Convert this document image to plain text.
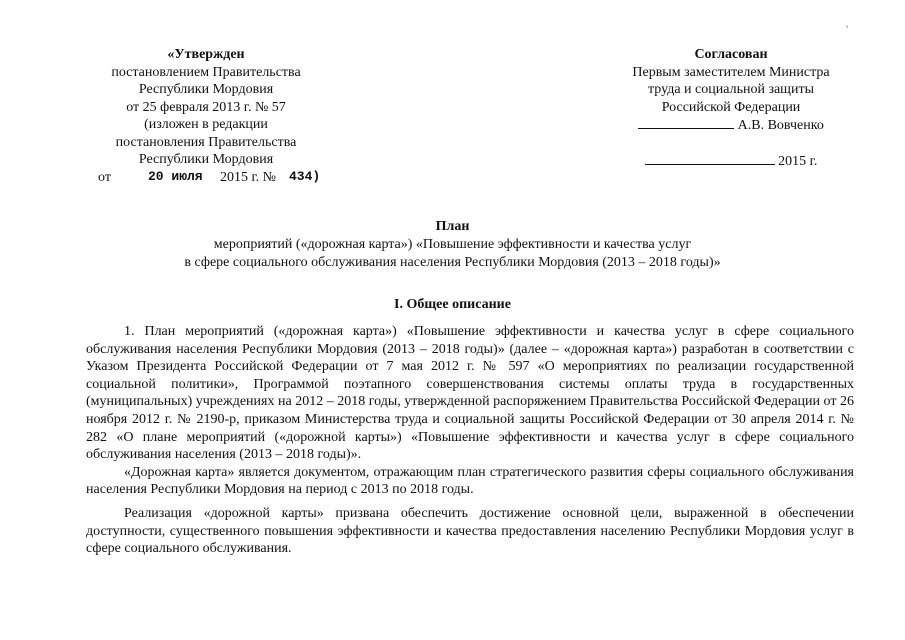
'
«Утвержден
постановлением Правительства
Республики Мордовия
от 25 февраля 2013 г. № 57
(изложен в редакции
постановления Правительства
Республики Мордовия
от	20 июля 2015 г. № 434)
Согласован
Первым заместителем Министра
труда и социальной защиты
Российской Федерации
А.В. Вовченко
2015 г.
План
мероприятий («дорожная карта») «Повышение эффективности и качества услуг
в сфере социального обслуживания населения Республики Мордовия (2013 – 2018 годы)»
I. Общее описание

1. План мероприятий («дорожная карта») «Повышение эффективности и качества услуг в сфере социального обслуживания населения Республики Мордовия (2013 – 2018 годы)» (далее – «дорожная карта») разработан в соответствии с Указом Президента Российской Федерации от 7 мая 2012 г. № 597 «О мероприятиях по реализации государственной социальной политики», Программой поэтапного совершенствования системы оплаты труда в государственных (муниципальных) учреждениях на 2012 – 2018 годы, утвержденной распоряжением Правительства Российской Федерации от 26 ноября 2012 г. № 2190-р, приказом Министерства труда и социальной защиты Российской Федерации от 30 апреля 2014 г. № 282 «О плане мероприятий («дорожной карты») «Повышение эффективности и качества услуг в сфере социального обслуживания населения (2013 – 2018 годы)».

«Дорожная карта» является документом, отражающим план стратегического развития сферы социального обслуживания населения Республики Мордовия на период с 2013 по 2018 годы.

Реализация «дорожной карты» призвана обеспечить достижение основной цели, выраженной в обеспечении доступности, существенного повышения эффективности и качества предоставления населению Республики Мордовия услуг в сфере социального обслуживания.
